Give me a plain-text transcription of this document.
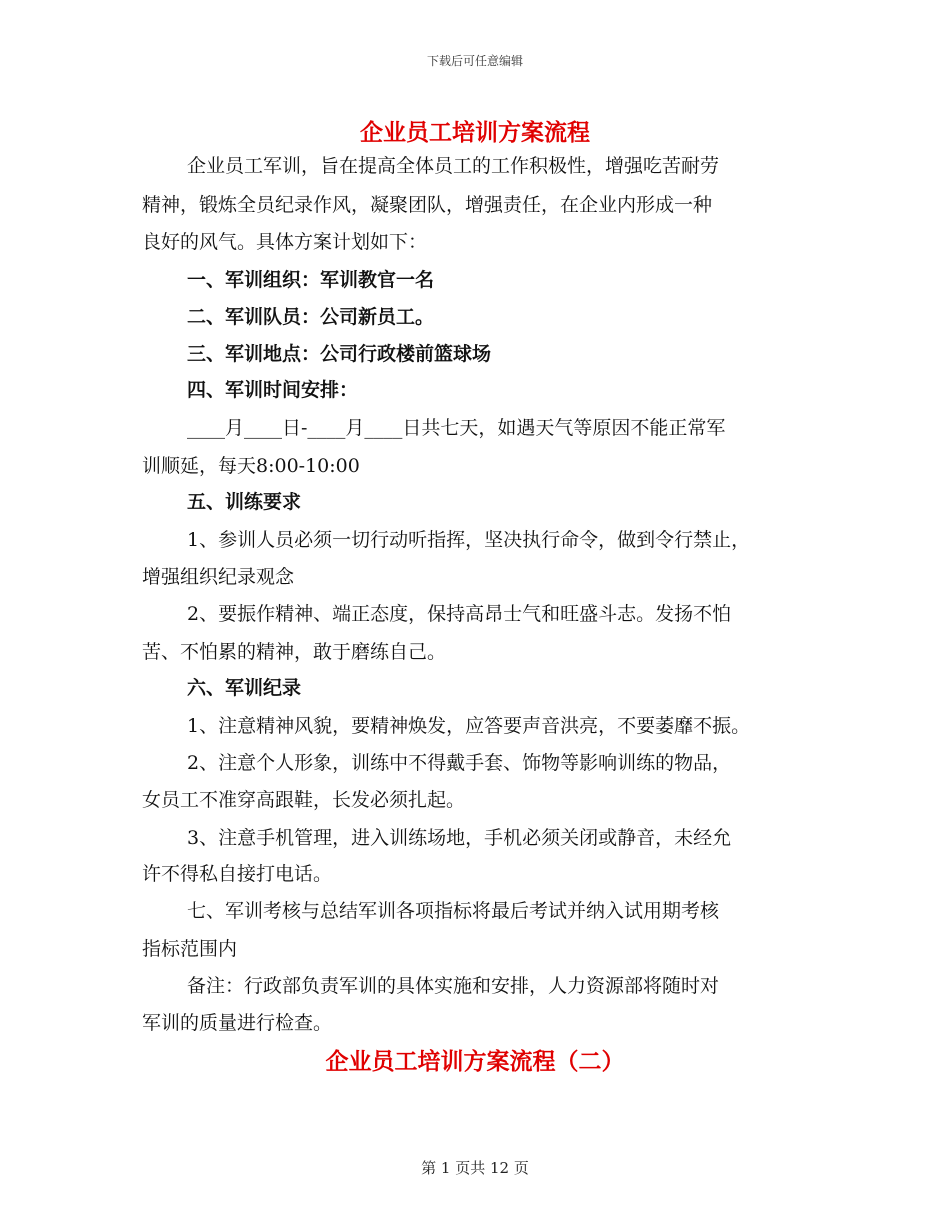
下载后可任意编辑
企业员工培训方案流程

企业员工军训，旨在提高全体员工的工作积极性，增强吃苦耐劳

精神，锻炼全员纪录作风，凝聚团队，增强责任，在企业内形成一种

良好的风气。具体方案计划如下：

一、军训组织：军训教官一名

二、军训队员：公司新员工。

三、军训地点：公司行政楼前篮球场

四、军训时间安排：

____月____日-____月____日共七天，如遇天气等原因不能正常军

训顺延，每天8:00-10:00

五、训练要求

1、参训人员必须一切行动听指挥，坚决执行命令，做到令行禁止，

增强组织纪录观念

2、要振作精神、端正态度，保持高昂士气和旺盛斗志。发扬不怕

苦、不怕累的精神，敢于磨练自己。

六、军训纪录

1、注意精神风貌，要精神焕发，应答要声音洪亮，不要萎靡不振。

2、注意个人形象，训练中不得戴手套、饰物等影响训练的物品，

女员工不准穿高跟鞋，长发必须扎起。

3、注意手机管理，进入训练场地，手机必须关闭或静音，未经允

许不得私自接打电话。

七、军训考核与总结军训各项指标将最后考试并纳入试用期考核

指标范围内

备注：行政部负责军训的具体实施和安排，人力资源部将随时对

军训的质量进行检查。

企业员工培训方案流程（二）
第 1 页共 12 页
